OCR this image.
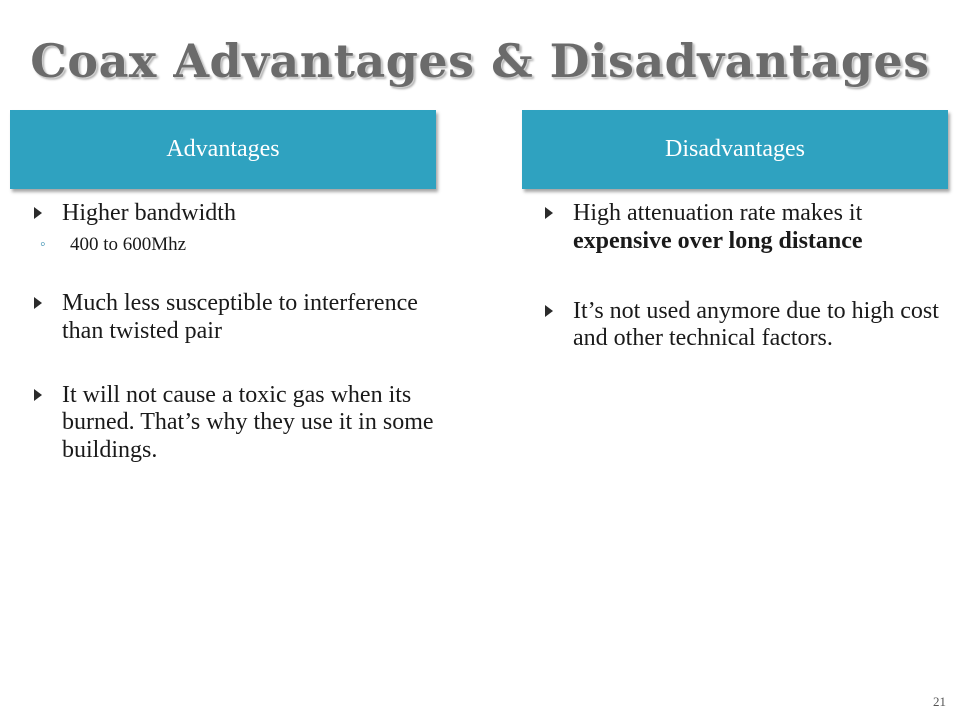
Coax Advantages & Disadvantages
Advantages	Disadvantages
Higher bandwidth
◦ 400 to 600Mhz
Much less susceptible to interference than twisted pair
It will not cause a toxic gas when its burned. That’s why they use it in some buildings.
High attenuation rate makes it expensive over long distance
It’s not used anymore due to high cost and other technical factors.
21
